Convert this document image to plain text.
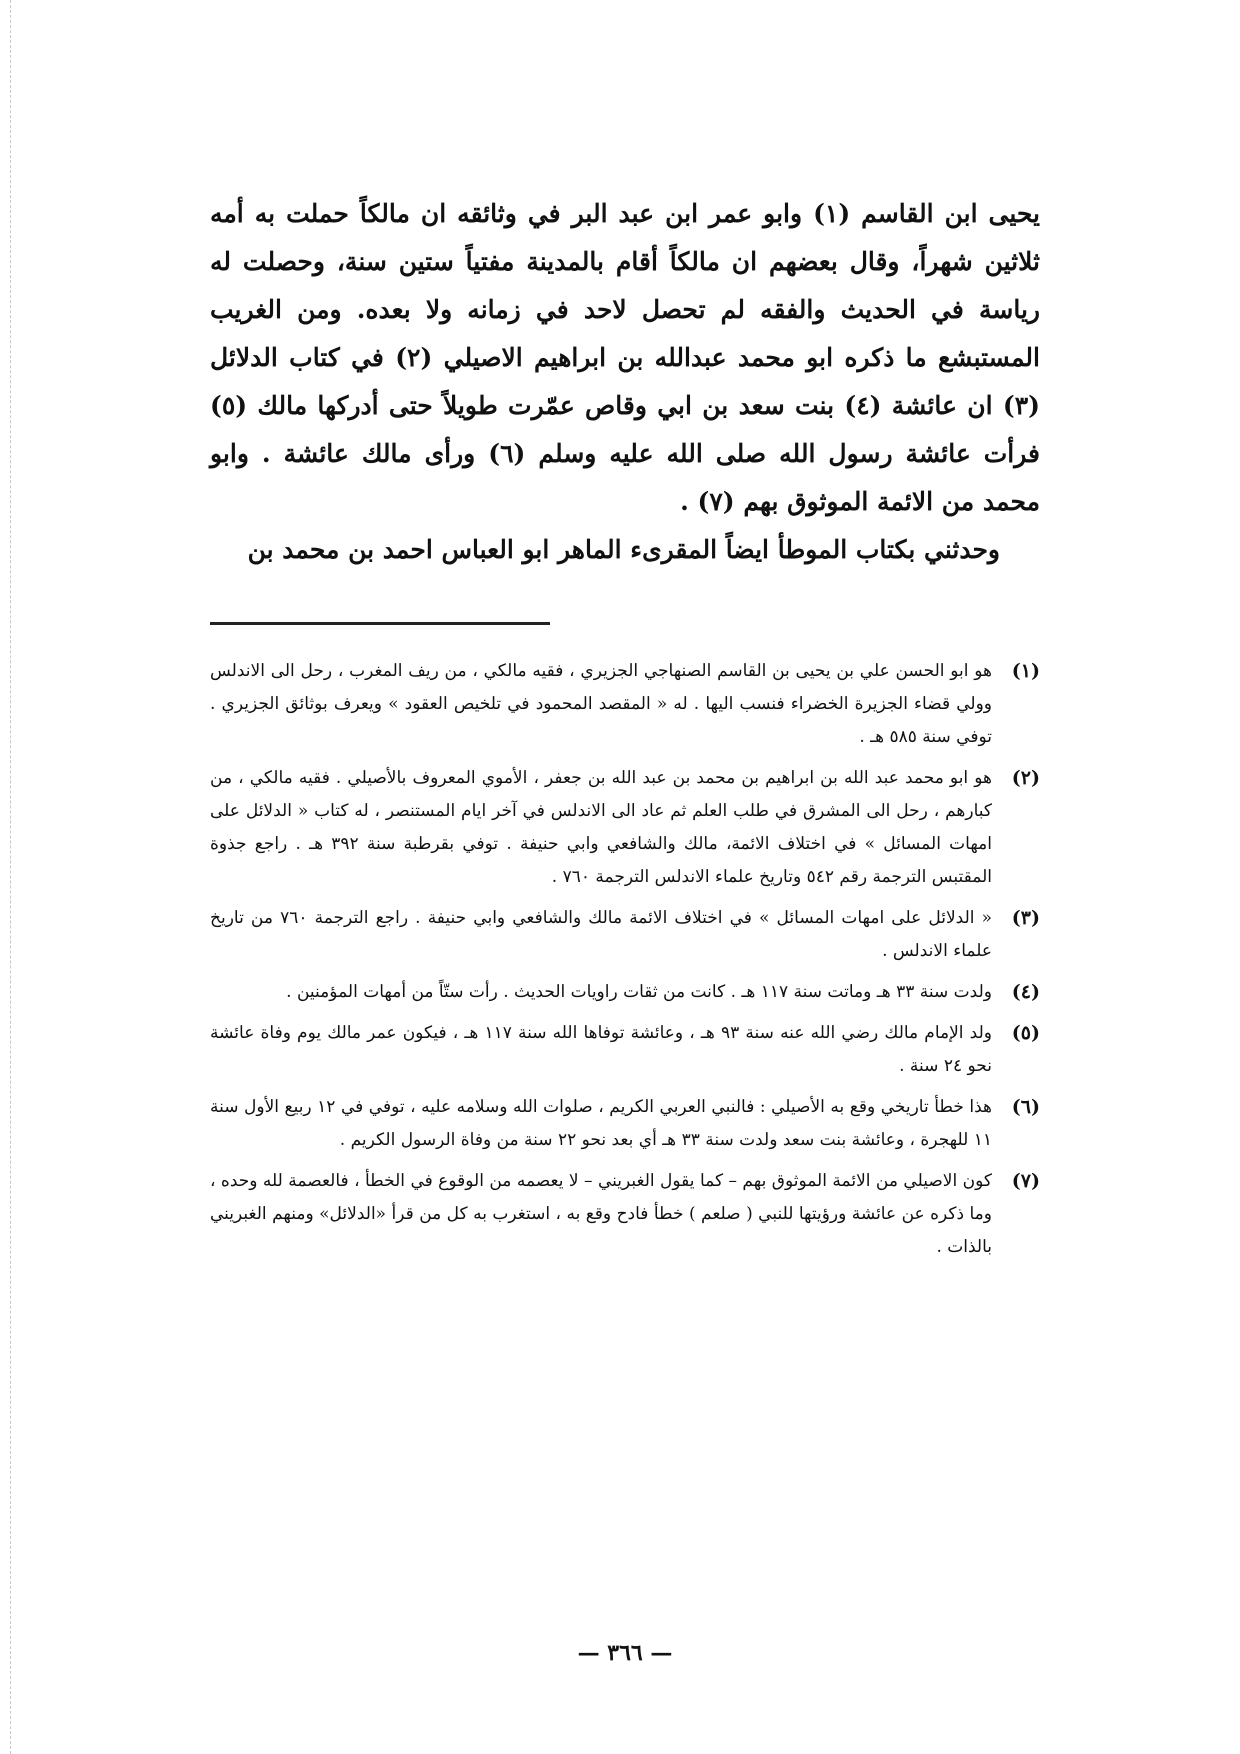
يحيى ابن القاسم (١) وابو عمر ابن عبد البر في وثائقه ان مالكاً حملت به أمه ثلاثين شهراً، وقال بعضهم ان مالكاً أقام بالمدينة مفتياً ستين سنة، وحصلت له رياسة في الحديث والفقه لم تحصل لاحد في زمانه ولا بعده. ومن الغريب المستبشع ما ذكره ابو محمد عبدالله بن ابراهيم الاصيلي (٢) في كتاب الدلائل (٣) ان عائشة (٤) بنت سعد بن ابي وقاص عمّرت طويلاً حتى أدركها مالك (٥) فرأت عائشة رسول الله صلى الله عليه وسلم (٦) ورأى مالك عائشة . وابو محمد من الائمة الموثوق بهم (٧) .

وحدثني بكتاب الموطأ ايضاً المقرىء الماهر ابو العباس احمد بن محمد بن

(١)
هو ابو الحسن علي بن يحيى بن القاسم الصنهاجي الجزيري ، فقيه مالكي ، من ريف المغرب ، رحل الى الاندلس وولي قضاء الجزيرة الخضراء فنسب اليها . له « المقصد المحمود في تلخيص العقود » ويعرف بوثائق الجزيري . توفي سنة ٥٨٥ هـ .
(٢)
هو ابو محمد عبد الله بن ابراهيم بن محمد بن عبد الله بن جعفر ، الأموي المعروف بالأصيلي . فقيه مالكي ، من كبارهم ، رحل الى المشرق في طلب العلم ثم عاد الى الاندلس في آخر ايام المستنصر ، له كتاب « الدلائل على امهات المسائل » في اختلاف الائمة، مالك والشافعي وابي حنيفة . توفي بقرطبة سنة ٣٩٢ هـ . راجع جذوة المقتبس الترجمة رقم ٥٤٢ وتاريخ علماء الاندلس الترجمة ٧٦٠ .
(٣)
« الدلائل على امهات المسائل » في اختلاف الائمة مالك والشافعي وابي حنيفة . راجع الترجمة ٧٦٠ من تاريخ علماء الاندلس .
(٤)
ولدت سنة ٣٣ هـ وماتت سنة ١١٧ هـ . كانت من ثقات راويات الحديث . رأت ستّاً من أمهات المؤمنين .
(٥)
ولد الإمام مالك رضي الله عنه سنة ٩٣ هـ ، وعائشة توفاها الله سنة ١١٧ هـ ، فيكون عمر مالك يوم وفاة عائشة نحو ٢٤ سنة .
(٦)
هذا خطأ تاريخي وقع به الأصيلي : فالنبي العربي الكريم ، صلوات الله وسلامه عليه ، توفي في ١٢ ربيع الأول سنة ١١ للهجرة ، وعائشة بنت سعد ولدت سنة ٣٣ هـ أي بعد نحو ٢٢ سنة من وفاة الرسول الكريم .
(٧)
كون الاصيلي من الائمة الموثوق بهم – كما يقول الغبريني – لا يعصمه من الوقوع في الخطأ ، فالعصمة لله وحده ، وما ذكره عن عائشة ورؤيتها للنبي ( صلعم ) خطأ فادح وقع به ، استغرب به كل من قرأ «الدلائل» ومنهم الغبريني بالذات .
— ٣٦٦ —
